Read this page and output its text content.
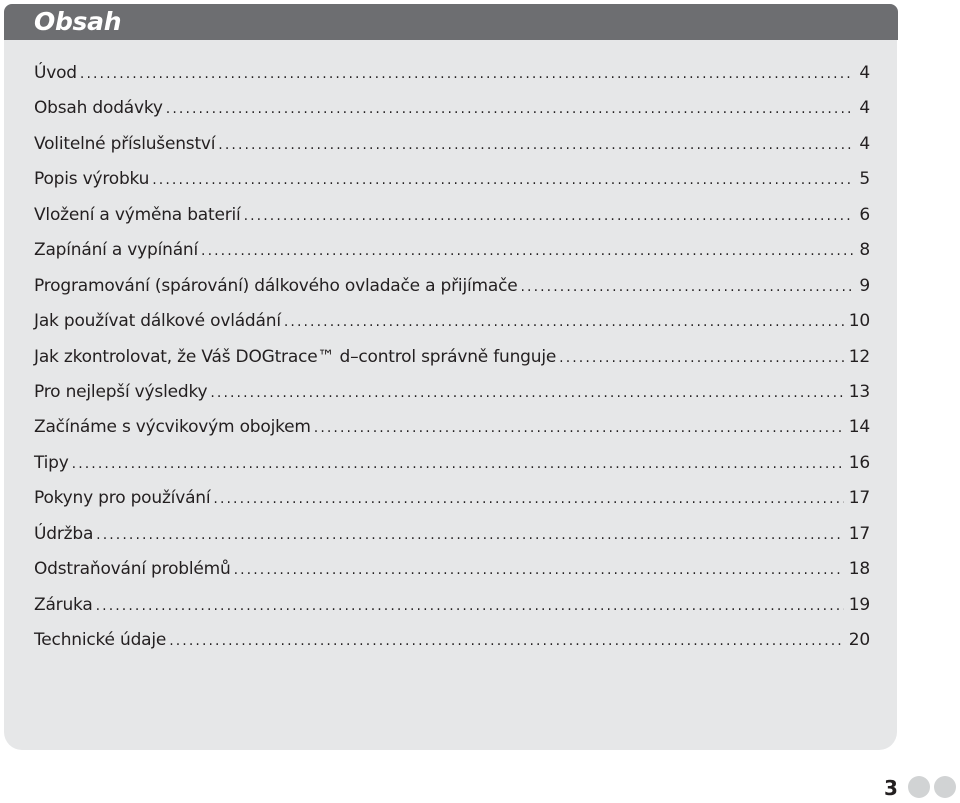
Obsah
Úvod .....	4
Obsah dodávky .....	4
Volitelné příslušenství .....	4
Popis výrobku .....	5
Vložení a výměna baterií .....	6
Zapínání a vypínání .....	8
Programování (spárování) dálkového ovladače a přijímače .....	9
Jak používat dálkové ovládání .....	10
Jak zkontrolovat, že Váš DOGtrace™ d–control správně funguje .....	12
Pro nejlepší výsledky .....	13
Začínáme s výcvikovým obojkem .....	14
Tipy .....	16
Pokyny pro používání .....	17
Údržba .....	17
Odstraňování problémů .....	18
Záruka .....	19
Technické údaje .....	20
3
